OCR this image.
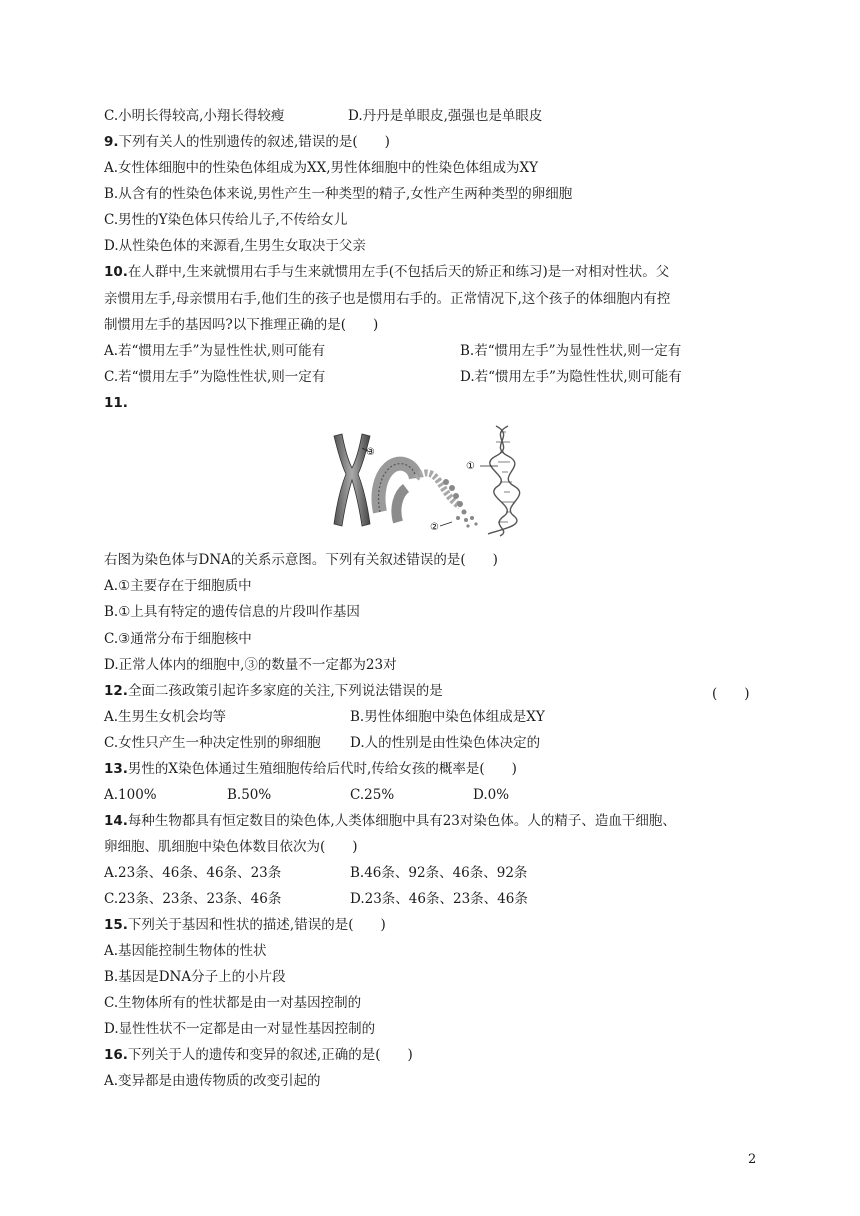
C.小明长得较高,小翔长得较瘦	D.丹丹是单眼皮,强强也是单眼皮
9.下列有关人的性别遗传的叙述,错误的是(　　)
A.女性体细胞中的性染色体组成为XX,男性体细胞中的性染色体组成为XY
B.从含有的性染色体来说,男性产生一种类型的精子,女性产生两种类型的卵细胞
C.男性的Y染色体只传给儿子,不传给女儿
D.从性染色体的来源看,生男生女取决于父亲
10.在人群中,生来就惯用右手与生来就惯用左手(不包括后天的矫正和练习)是一对相对性状。父
亲惯用左手,母亲惯用右手,他们生的孩子也是惯用右手的。正常情况下,这个孩子的体细胞内有控
制惯用左手的基因吗?以下推理正确的是(　　)
A.若“惯用左手”为显性性状,则可能有	B.若“惯用左手”为显性性状,则一定有
C.若“惯用左手”为隐性性状,则一定有	D.若“惯用左手”为隐性性状,则可能有
11.
③
①
②
右图为染色体与DNA的关系示意图。下列有关叙述错误的是(　　)
A.①主要存在于细胞质中
B.①上具有特定的遗传信息的片段叫作基因
C.③通常分布于细胞核中
D.正常人体内的细胞中,③的数量不一定都为23对
12.全面二孩政策引起许多家庭的关注,下列说法错误的是	(　　)
A.生男生女机会均等	B.男性体细胞中染色体组成是XY
C.女性只产生一种决定性别的卵细胞 D.人的性别是由性染色体决定的
13.男性的X染色体通过生殖细胞传给后代时,传给女孩的概率是(　　)
A.100%	B.50%	C.25%	D.0%
14.每种生物都具有恒定数目的染色体,人类体细胞中具有23对染色体。人的精子、造血干细胞、
卵细胞、肌细胞中染色体数目依次为(　　)
A.23条、46条、46条、23条	B.46条、92条、46条、92条
C.23条、23条、23条、46条	D.23条、46条、23条、46条
15.下列关于基因和性状的描述,错误的是(　　)
A.基因能控制生物体的性状
B.基因是DNA分子上的小片段
C.生物体所有的性状都是由一对基因控制的
D.显性性状不一定都是由一对显性基因控制的
16.下列关于人的遗传和变异的叙述,正确的是(　　)
A.变异都是由遗传物质的改变引起的
2
